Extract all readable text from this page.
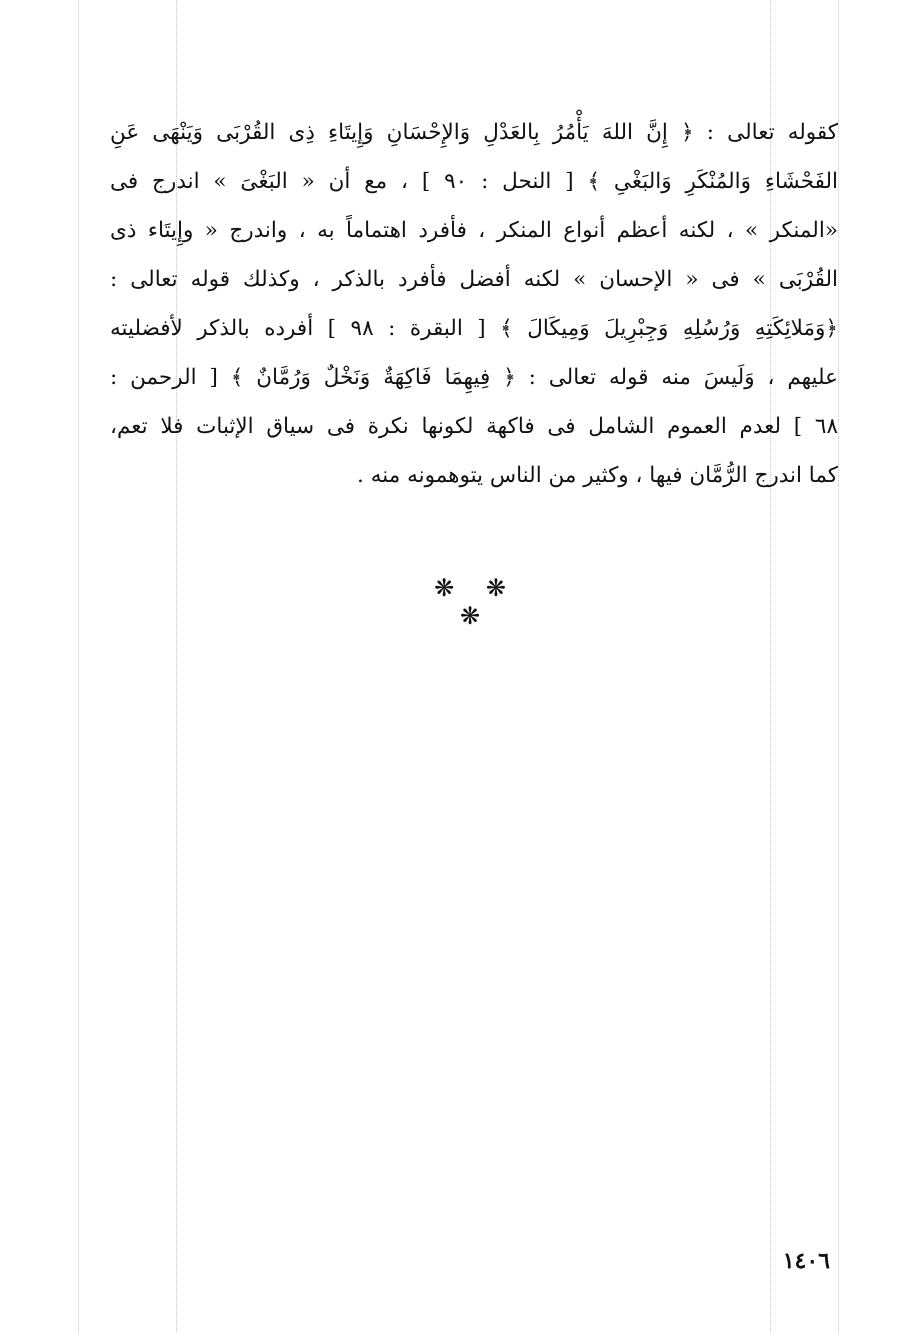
كقوله تعالى : ﴿ إِنَّ اللهَ يَأْمُرُ بِالعَدْلِ وَالإِحْسَانِ وَإِيتَاءِ ذِى القُرْبَى وَيَنْهَى عَنِ
الفَحْشَاءِ وَالمُنْكَرِ وَالبَغْىِ ﴾ [ النحل : ٩٠ ] ، مع أن « البَغْىَ » اندرج فى
«المنكر » ، لكنه أعظم أنواع المنكر ، فأفرد اهتماماً به ، واندرج « وإِيتَاء ذى
القُرْبَى » فى « الإحسان » لكنه أفضل فأفرد بالذكر ، وكذلك قوله تعالى :
﴿وَمَلائِكَتِهِ وَرُسُلِهِ وَجِبْرِيلَ وَمِيكَالَ ﴾ [ البقرة : ٩٨ ] أفرده بالذكر لأفضليته
عليهم ، وَلَيسَ منه قوله تعالى : ﴿ فِيهِمَا فَاكِهَةٌ وَنَخْلٌ وَرُمَّانٌ ﴾ [ الرحمن :
٦٨ ] لعدم العموم الشامل فى فاكهة لكونها نكرة فى سياق الإثبات فلا تعم،
كما اندرج الرُّمَّان فيها ، وكثير من الناس يتوهمونه منه .
❋ ❋ ❋
١٤٠٦
